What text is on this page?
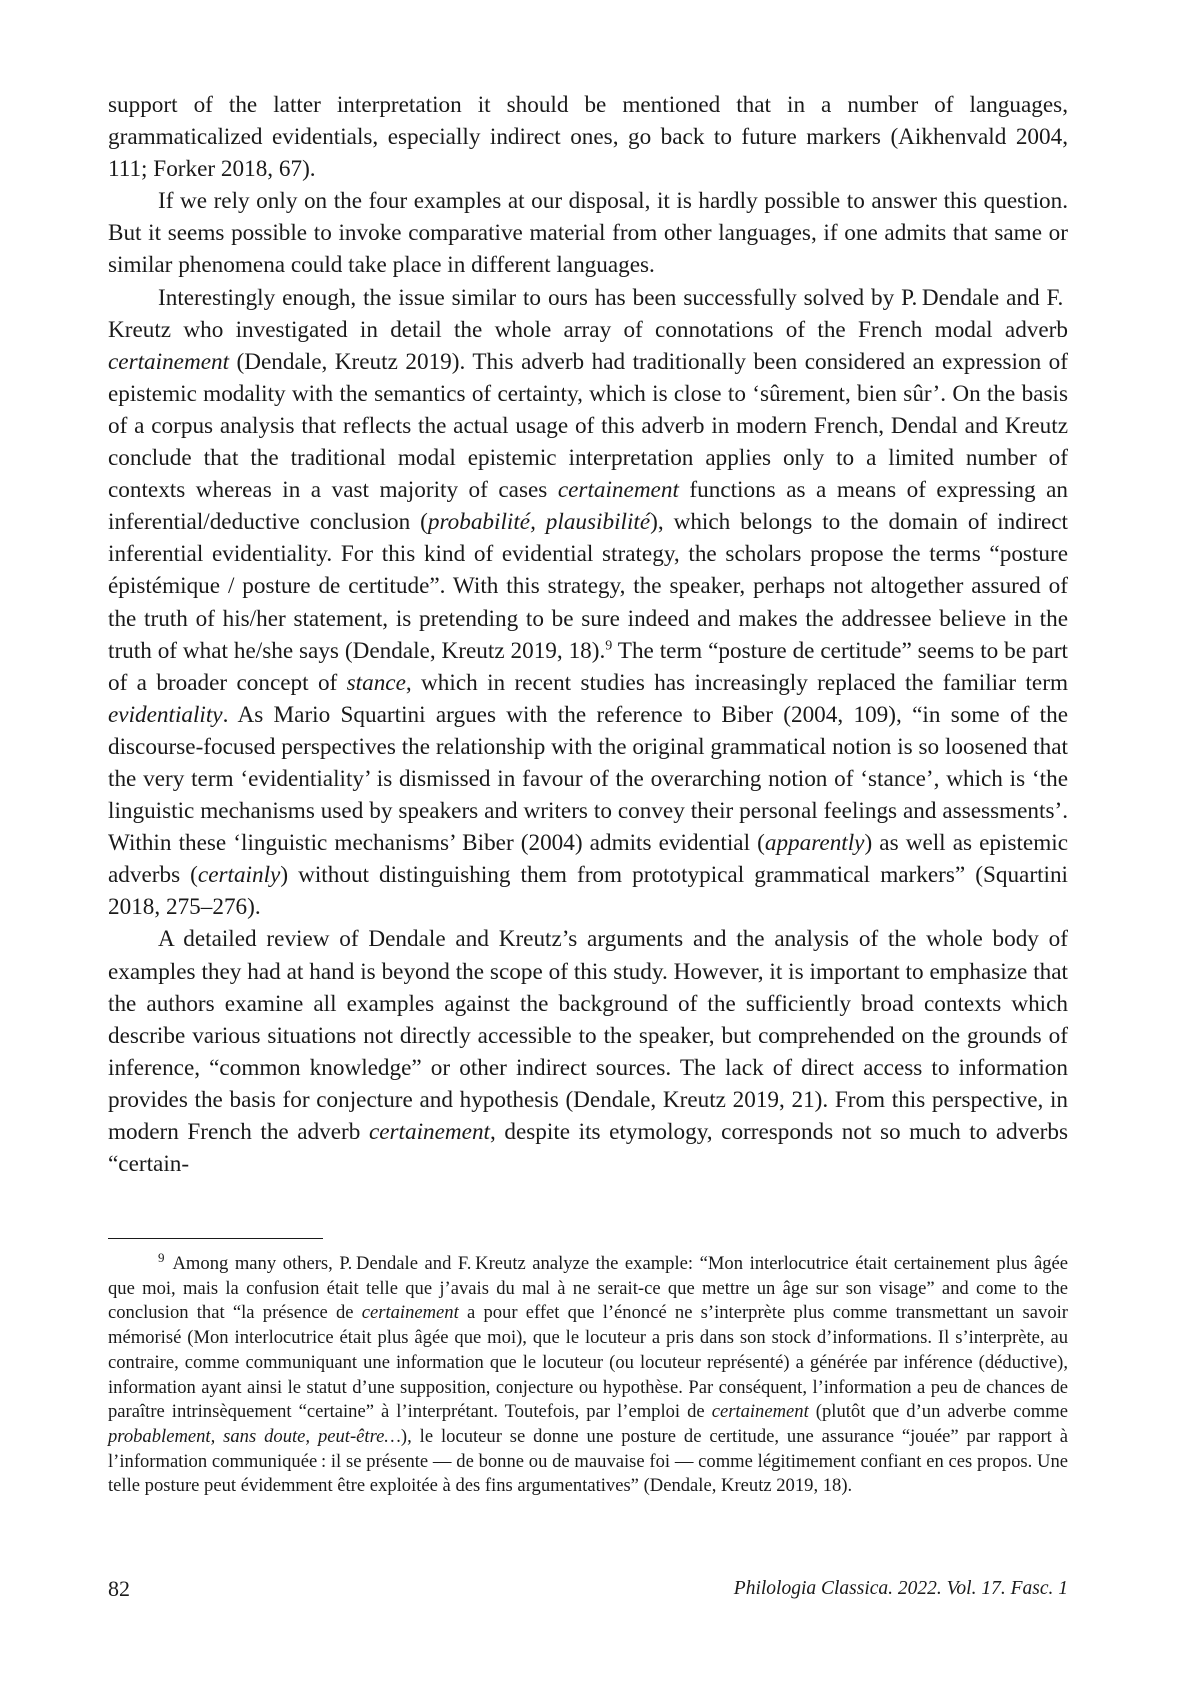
support of the latter interpretation it should be mentioned that in a number of languages, grammaticalized evidentials, especially indirect ones, go back to future markers (Aikhenvald 2004, 111; Forker 2018, 67).

If we rely only on the four examples at our disposal, it is hardly possible to answer this question. But it seems possible to invoke comparative material from other languages, if one admits that same or similar phenomena could take place in different languages.

Interestingly enough, the issue similar to ours has been successfully solved by P. Dendale and F. Kreutz who investigated in detail the whole array of connotations of the French modal adverb certainement (Dendale, Kreutz 2019). This adverb had traditionally been considered an expression of epistemic modality with the semantics of certainty, which is close to ‘sûrement, bien sûr’. On the basis of a corpus analysis that reflects the actual usage of this adverb in modern French, Dendal and Kreutz conclude that the traditional modal epistemic interpretation applies only to a limited number of contexts whereas in a vast majority of cases certainement functions as a means of expressing an inferential/​deductive conclusion (probabilité, plausibilité), which belongs to the domain of indirect inferential evidentiality. For this kind of evidential strategy, the scholars propose the terms “posture épistémique / posture de certitude”. With this strategy, the speaker, perhaps not altogether assured of the truth of his/her statement, is pretending to be sure indeed and makes the addressee believe in the truth of what he/she says (Dendale, Kreutz 2019, 18).$^9$ The term “posture de certitude” seems to be part of a broader concept of stance, which in recent studies has increasingly replaced the familiar term evidentiality. As Mario Squartini argues with the reference to Biber (2004, 109), “in some of the discourse-focused perspectives the relationship with the original grammatical notion is so loosened that the very term ‘evidentiality’ is dismissed in favour of the overarching notion of ‘stance’, which is ‘the linguistic mechanisms used by speakers and writers to convey their personal feelings and assessments’. Within these ‘linguistic mechanisms’ Biber (2004) admits evidential (apparently) as well as epistemic adverbs (certainly) without distinguishing them from prototypical grammatical markers” (Squartini 2018, 275–276).

A detailed review of Dendale and Kreutz’s arguments and the analysis of the whole body of examples they had at hand is beyond the scope of this study. However, it is important to emphasize that the authors examine all examples against the background of the sufficiently broad contexts which describe various situations not directly accessible to the speaker, but comprehended on the grounds of inference, “common knowledge” or other indirect sources. The lack of direct access to information provides the basis for conjecture and hypothesis (Dendale, Kreutz 2019, 21). From this perspective, in modern French the adverb certainement, despite its etymology, corresponds not so much to adverbs “certain-

$^9$ Among many others, P. Dendale and F. Kreutz analyze the example: “Mon interlocutrice était certainement plus âgée que moi, mais la confusion était telle que j’avais du mal à ne serait-ce que mettre un âge sur son visage” and come to the conclusion that “la présence de certainement a pour effet que l’énoncé ne s’interprète plus comme transmettant un savoir mémorisé (Mon interlocutrice était plus âgée que moi), que le locuteur a pris dans son stock d’informations. Il s’interprète, au contraire, comme communiquant une information que le locuteur (ou locuteur représenté) a générée par inférence (déductive), information ayant ainsi le statut d’une supposition, conjecture ou hypothèse. Par conséquent, l’information a peu de chances de paraître intrinsèquement “certaine” à l’interprétant. Toutefois, par l’emploi de certainement (plutôt que d’un adverbe comme probablement, sans doute, peut-être…), le locuteur se donne une posture de certitude, une assurance “jouée” par rapport à l’information communiquée : il se présente — de bonne ou de mauvaise foi — comme légitimement confiant en ces propos. Une telle posture peut évidemment être exploitée à des fins argumentatives” (Dendale, Kreutz 2019, 18).

82	Philologia Classica. 2022. Vol. 17. Fasc. 1
